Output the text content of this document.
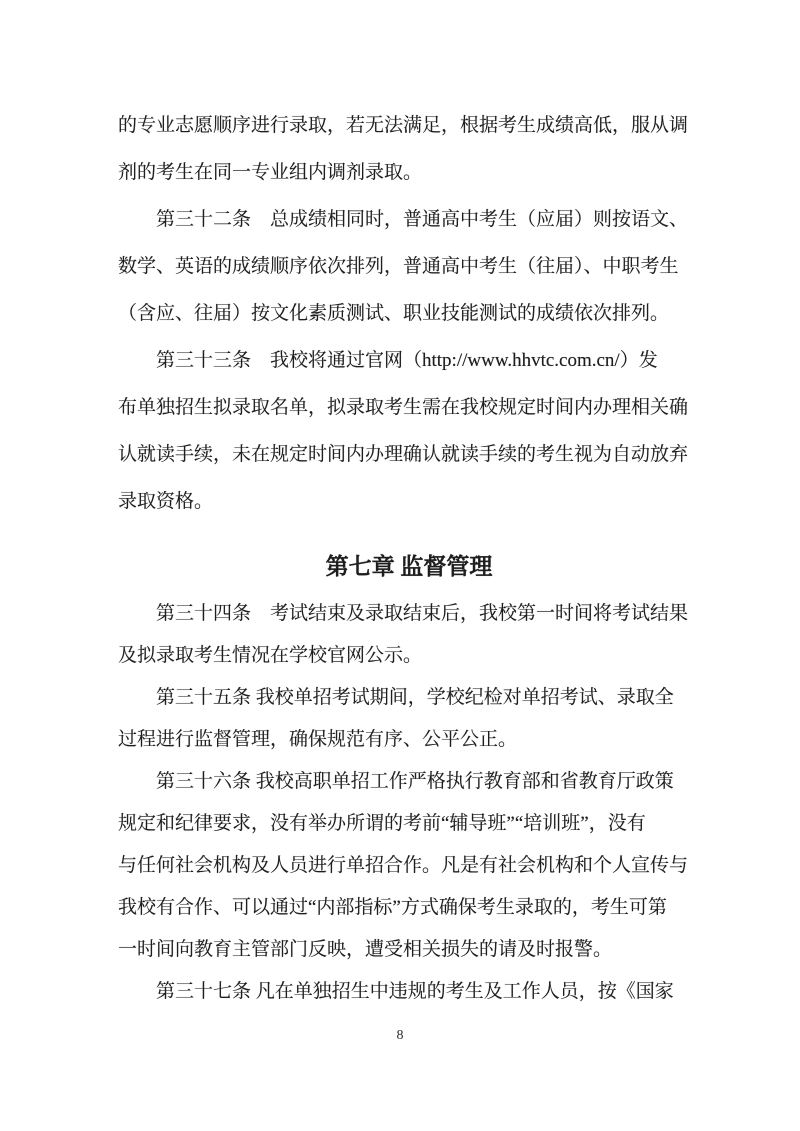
的专业志愿顺序进行录取，若无法满足，根据考生成绩高低，服从调
剂的考生在同一专业组内调剂录取。
第三十二条　总成绩相同时，普通高中考生（应届）则按语文、
数学、英语的成绩顺序依次排列，普通高中考生（往届）、中职考生
（含应、往届）按文化素质测试、职业技能测试的成绩依次排列。
第三十三条　我校将通过官网（http://www.hhvtc.com.cn/）发
布单独招生拟录取名单，拟录取考生需在我校规定时间内办理相关确
认就读手续，未在规定时间内办理确认就读手续的考生视为自动放弃
录取资格。
第七章 监督管理
第三十四条　考试结束及录取结束后，我校第一时间将考试结果
及拟录取考生情况在学校官网公示。
第三十五条 我校单招考试期间，学校纪检对单招考试、录取全
过程进行监督管理，确保规范有序、公平公正。
第三十六条 我校高职单招工作严格执行教育部和省教育厅政策
规定和纪律要求，没有举办所谓的考前“辅导班”“培训班”，没有
与任何社会机构及人员进行单招合作。凡是有社会机构和个人宣传与
我校有合作、可以通过“内部指标”方式确保考生录取的，考生可第
一时间向教育主管部门反映，遭受相关损失的请及时报警。
第三十七条 凡在单独招生中违规的考生及工作人员，按《国家
8
